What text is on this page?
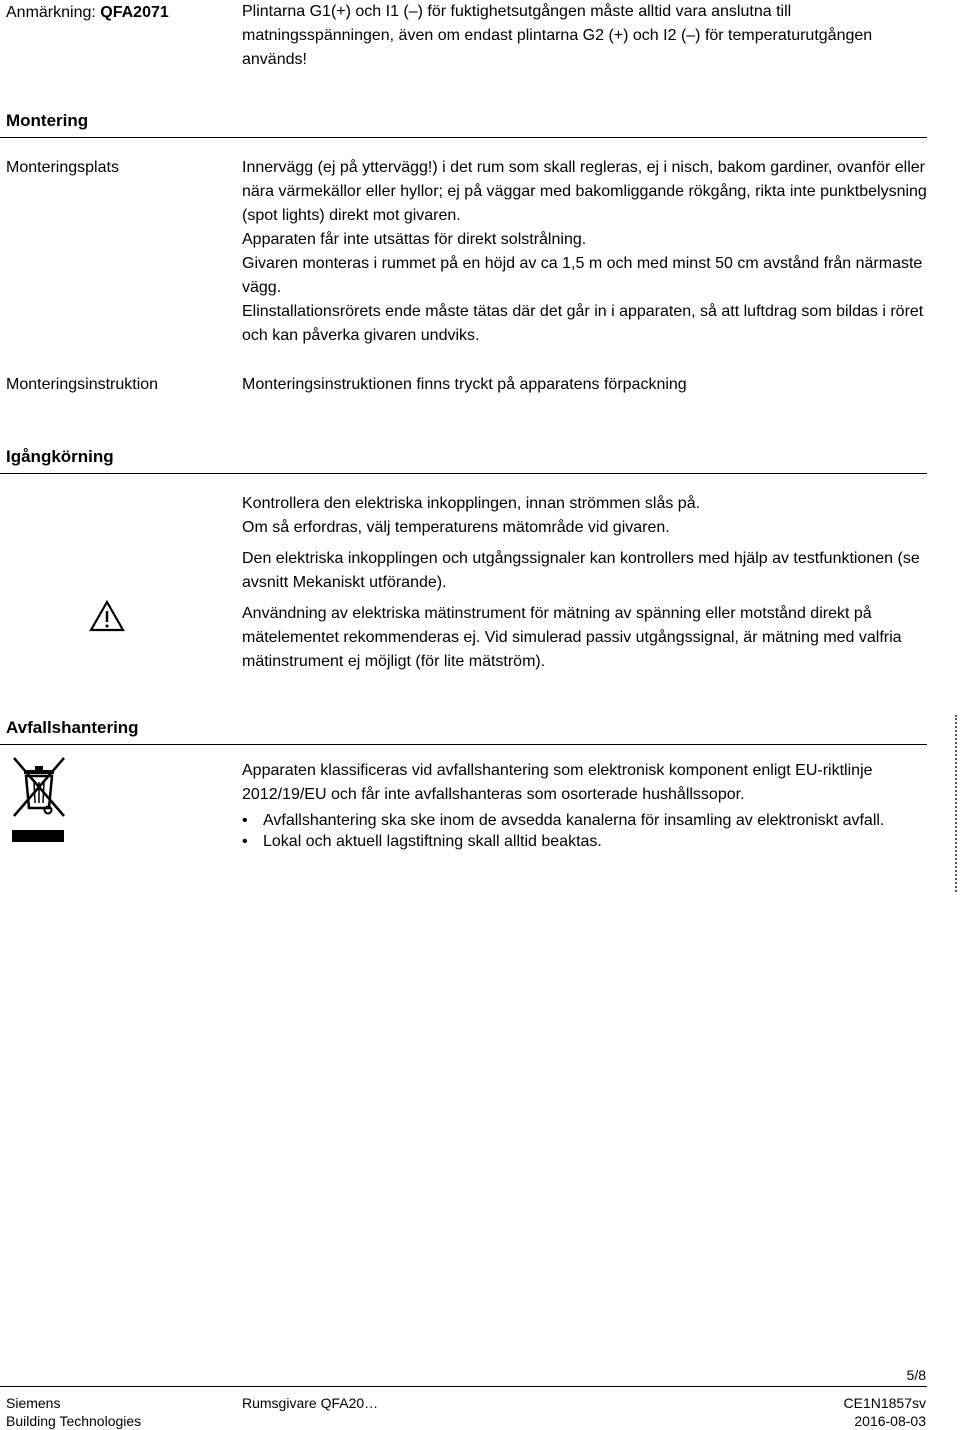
Anmärkning: QFA2071	Plintarna G1(+) och I1 (–) för fuktighetsutgången måste alltid vara anslutna till matningsspänningen, även om endast plintarna G2 (+) och I2 (–) för temperaturutgången används!
Montering
Monteringsplats	Innervägg (ej på yttervägg!) i det rum som skall regleras, ej i nisch, bakom gardiner, ovanför eller nära värmekällor eller hyllor; ej på väggar med bakomliggande rökgång, rikta inte punktbelysning (spot lights) direkt mot givaren.

Apparaten får inte utsättas för direkt solstrålning.

Givaren monteras i rummet på en höjd av ca 1,5 m och med minst 50 cm avstånd från närmaste vägg.

Elinstallationsrörets ende måste tätas där det går in i apparaten, så att luftdrag som bildas i röret och kan påverka givaren undviks.

Monteringsinstruktion	Monteringsinstruktionen finns tryckt på apparatens förpackning
Igångkörning

Kontrollera den elektriska inkopplingen, innan strömmen slås på.

Om så erfordras, välj temperaturens mätområde vid givaren.

Den elektriska inkopplingen och utgångssignaler kan kontrollers med hjälp av testfunktionen (se avsnitt Mekaniskt utförande).

Användning av elektriska mätinstrument för mätning av spänning eller motstånd direkt på mätelementet rekommenderas ej. Vid simulerad passiv utgångssignal, är mätning med valfria mätinstrument ej möjligt (för lite mätström).

Avfallshantering
Apparaten klassificeras vid avfallshantering som elektronisk komponent enligt EU-riktlinje 2012/19/EU och får inte avfallshanteras som osorterade hushållssopor.
• Avfallshantering ska ske inom de avsedda kanalerna för insamling av elektroniskt avfall.
• Lokal och aktuell lagstiftning skall alltid beaktas.
5/8
Siemens
Building Technologies
Rumsgivare QFA20…	CE1N1857sv
2016-08-03
